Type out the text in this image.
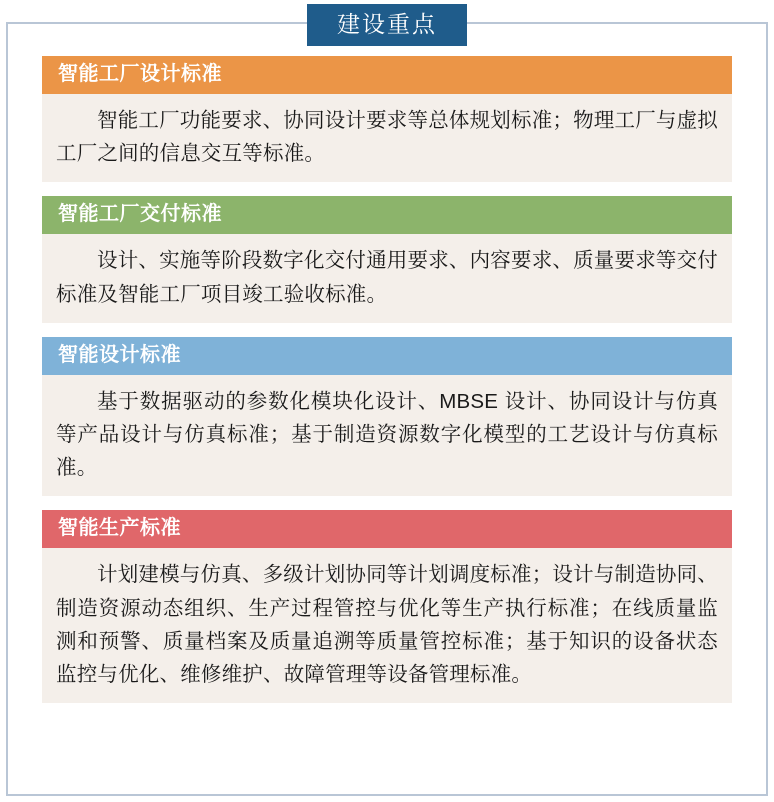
建设重点
智能工厂设计标准
智能工厂功能要求、协同设计要求等总体规划标准；物理工厂与虚拟工厂之间的信息交互等标准。
智能工厂交付标准
设计、实施等阶段数字化交付通用要求、内容要求、质量要求等交付标准及智能工厂项目竣工验收标准。
智能设计标准
基于数据驱动的参数化模块化设计、MBSE 设计、协同设计与仿真等产品设计与仿真标准；基于制造资源数字化模型的工艺设计与仿真标准。
智能生产标准
计划建模与仿真、多级计划协同等计划调度标准；设计与制造协同、制造资源动态组织、生产过程管控与优化等生产执行标准；在线质量监测和预警、质量档案及质量追溯等质量管控标准；基于知识的设备状态监控与优化、维修维护、故障管理等设备管理标准。
